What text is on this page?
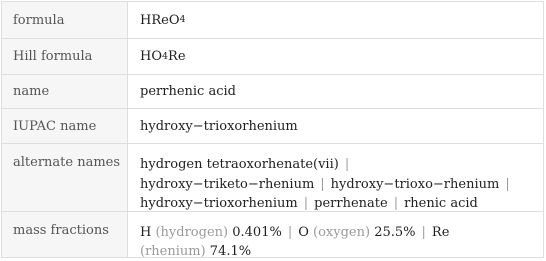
formula	HReO 4
Hill formula	HO 4 Re
name	perrhenic acid
IUPAC name	hydroxy−trioxorhenium
alternate names	hydrogen tetraoxorhenate(vii) |
hydroxy−triketo−rhenium | hydroxy−trioxo−rhenium |
hydroxy−trioxorhenium | perrhenate | rhenic acid
mass fractions	H (hydrogen) 0.401% | O (oxygen) 25.5% | Re
(rhenium) 74.1%
